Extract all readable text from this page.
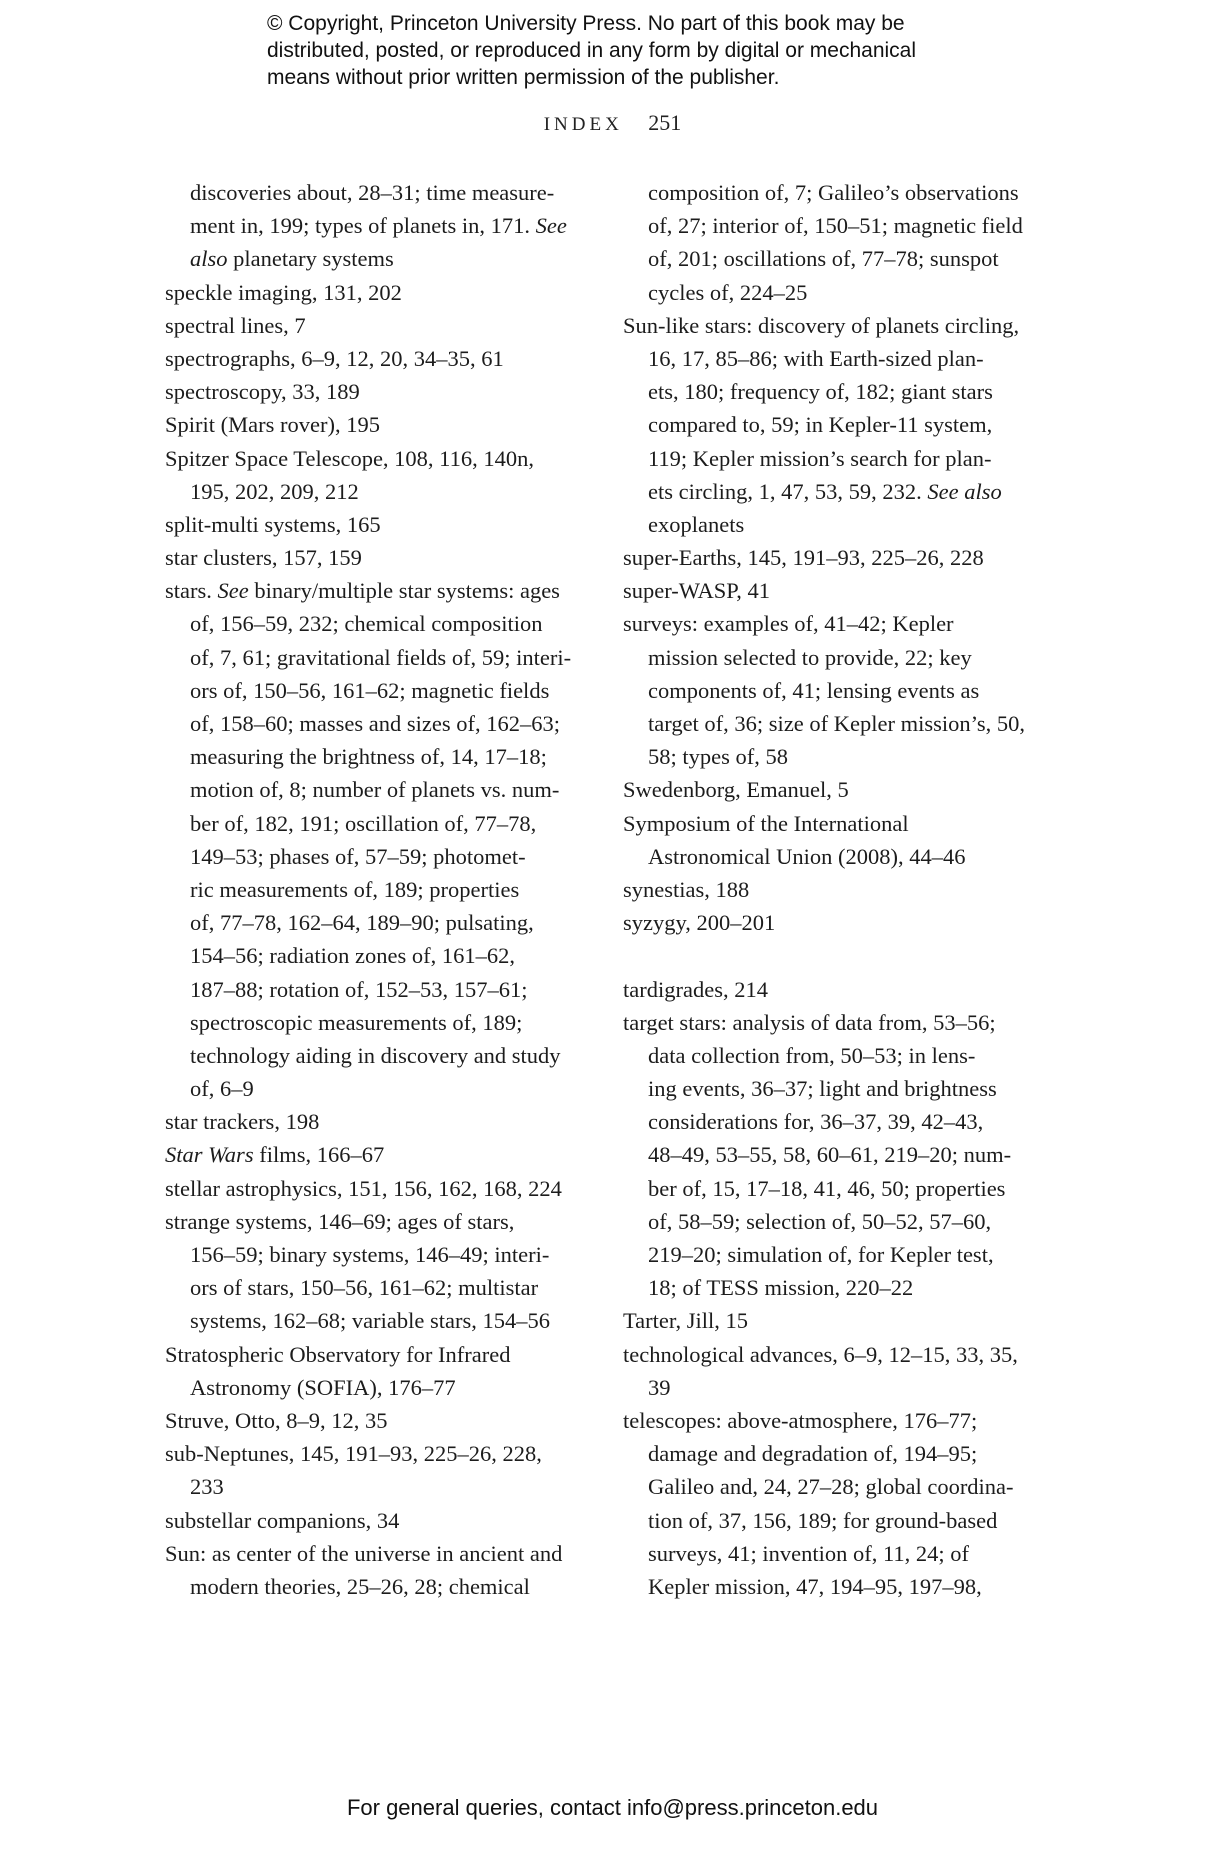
© Copyright, Princeton University Press. No part of this book may be
distributed, posted, or reproduced in any form by digital or mechanical
means without prior written permission of the publisher.
INDEX 251
discoveries about, 28–31; time measure-
ment in, 199; types of planets in, 171. See
also planetary systems
speckle imaging, 131, 202
spectral lines, 7
spectrographs, 6–9, 12, 20, 34–35, 61
spectroscopy, 33, 189
Spirit (Mars rover), 195
Spitzer Space Telescope, 108, 116, 140n,
195, 202, 209, 212
split-multi systems, 165
star clusters, 157, 159
stars. See binary/multiple star systems: ages
of, 156–59, 232; chemical composition
of, 7, 61; gravitational fields of, 59; interi-
ors of, 150–56, 161–62; magnetic fields
of, 158–60; masses and sizes of, 162–63;
measuring the brightness of, 14, 17–18;
motion of, 8; number of planets vs. num-
ber of, 182, 191; oscillation of, 77–78,
149–53; phases of, 57–59; photomet-
ric measurements of, 189; properties
of, 77–78, 162–64, 189–90; pulsating,
154–56; radiation zones of, 161–62,
187–88; rotation of, 152–53, 157–61;
spectroscopic measurements of, 189;
technology aiding in discovery and study
of, 6–9
star trackers, 198
Star Wars films, 166–67
stellar astrophysics, 151, 156, 162, 168, 224
strange systems, 146–69; ages of stars,
156–59; binary systems, 146–49; interi-
ors of stars, 150–56, 161–62; multistar
systems, 162–68; variable stars, 154–56
Stratospheric Observatory for Infrared
Astronomy (SOFIA), 176–77
Struve, Otto, 8–9, 12, 35
sub-Neptunes, 145, 191–93, 225–26, 228,
233
substellar companions, 34
Sun: as center of the universe in ancient and
modern theories, 25–26, 28; chemical
composition of, 7; Galileo’s observations
of, 27; interior of, 150–51; magnetic field
of, 201; oscillations of, 77–78; sunspot
cycles of, 224–25
Sun-like stars: discovery of planets circling,
16, 17, 85–86; with Earth-sized plan-
ets, 180; frequency of, 182; giant stars
compared to, 59; in Kepler-11 system,
119; Kepler mission’s search for plan-
ets circling, 1, 47, 53, 59, 232. See also
exoplanets
super-Earths, 145, 191–93, 225–26, 228
super-WASP, 41
surveys: examples of, 41–42; Kepler
mission selected to provide, 22; key
components of, 41; lensing events as
target of, 36; size of Kepler mission’s, 50,
58; types of, 58
Swedenborg, Emanuel, 5
Symposium of the International
Astronomical Union (2008), 44–46
synestias, 188
syzygy, 200–201
tardigrades, 214
target stars: analysis of data from, 53–56;
data collection from, 50–53; in lens-
ing events, 36–37; light and brightness
considerations for, 36–37, 39, 42–43,
48–49, 53–55, 58, 60–61, 219–20; num-
ber of, 15, 17–18, 41, 46, 50; properties
of, 58–59; selection of, 50–52, 57–60,
219–20; simulation of, for Kepler test,
18; of TESS mission, 220–22
Tarter, Jill, 15
technological advances, 6–9, 12–15, 33, 35,
39
telescopes: above-atmosphere, 176–77;
damage and degradation of, 194–95;
Galileo and, 24, 27–28; global coordina-
tion of, 37, 156, 189; for ground-based
surveys, 41; invention of, 11, 24; of
Kepler mission, 47, 194–95, 197–98,
For general queries, contact info@press.princeton.edu
